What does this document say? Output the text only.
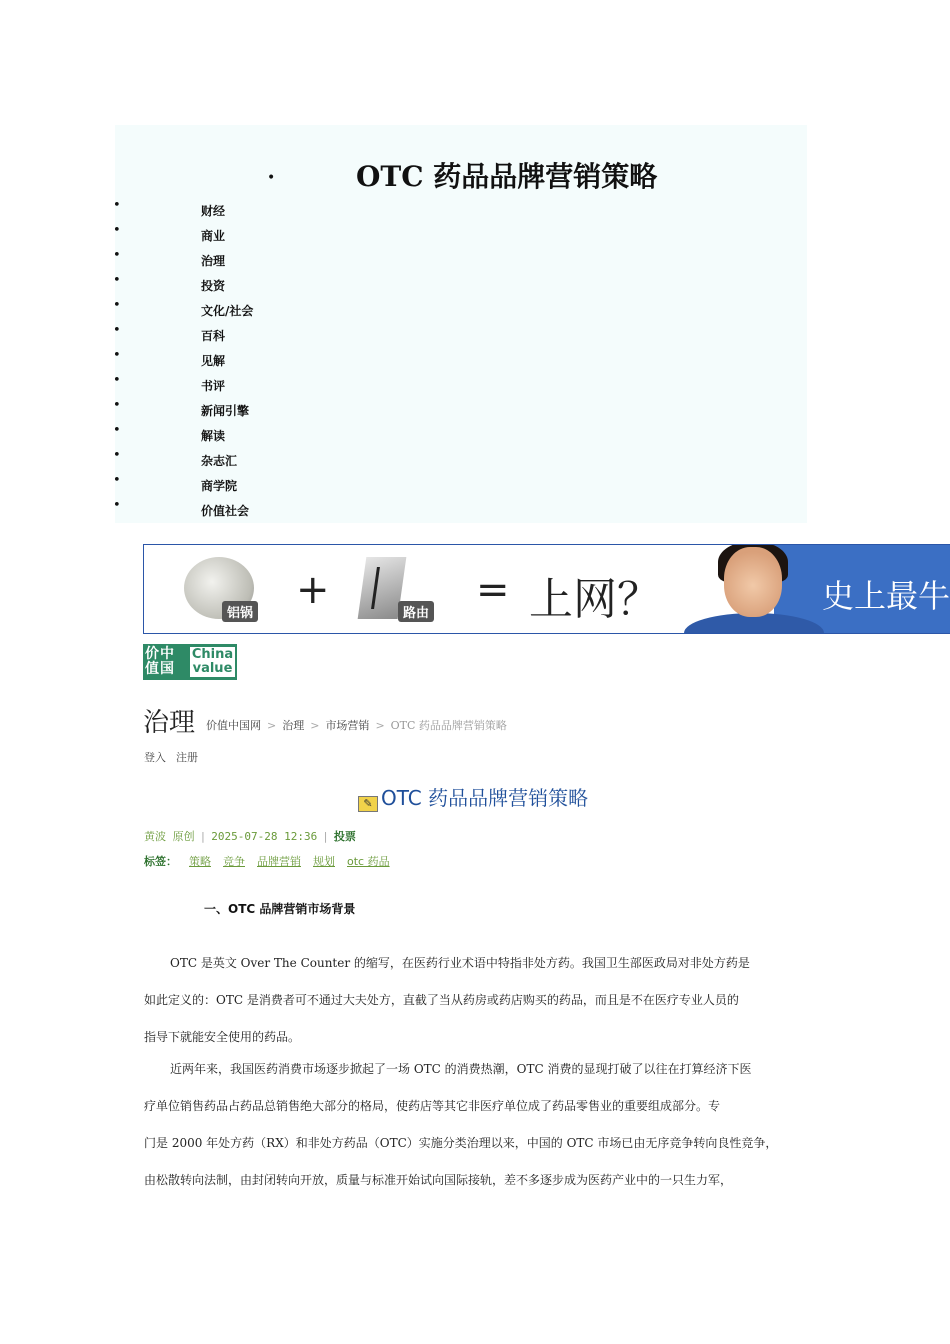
•	OTC 药品品牌营销策略
•	财经
•	商业
•	治理
•	投资
•	文化/社会
•	百科
•	见解
•	书评
•	新闻引擎
•	解读
•	杂志汇
•	商学院
•	价值社会
铝锅
+
路由
= 上网？	史上最牛
价中值国
China
value
治理 价值中国网 > 治理 > 市场营销 > OTC 药品品牌营销策略
登入 注册
✎ OTC 药品品牌营销策略
黄波 原创 | 2025-07-28 12:36 | 投票
标签： 策略 竞争 品牌营销 规划 otc 药品
一、OTC 品牌营销市场背景
OTC 是英文 Over The Counter 的缩写，在医药行业术语中特指非处方药。我国卫生部医政局对非处方药是
如此定义的：OTC 是消费者可不通过大夫处方，直截了当从药房或药店购买的药品，而且是不在医疗专业人员的
指导下就能安全使用的药品。
近两年来，我国医药消费市场逐步掀起了一场 OTC 的消费热潮，OTC 消费的显现打破了以往在打算经济下医
疗单位销售药品占药品总销售绝大部分的格局，使药店等其它非医疗单位成了药品零售业的重要组成部分。专
门是 2000 年处方药（RX）和非处方药品（OTC）实施分类治理以来，中国的 OTC 市场已由无序竞争转向良性竞争，
由松散转向法制，由封闭转向开放，质量与标准开始试向国际接轨，差不多逐步成为医药产业中的一只生力军，
